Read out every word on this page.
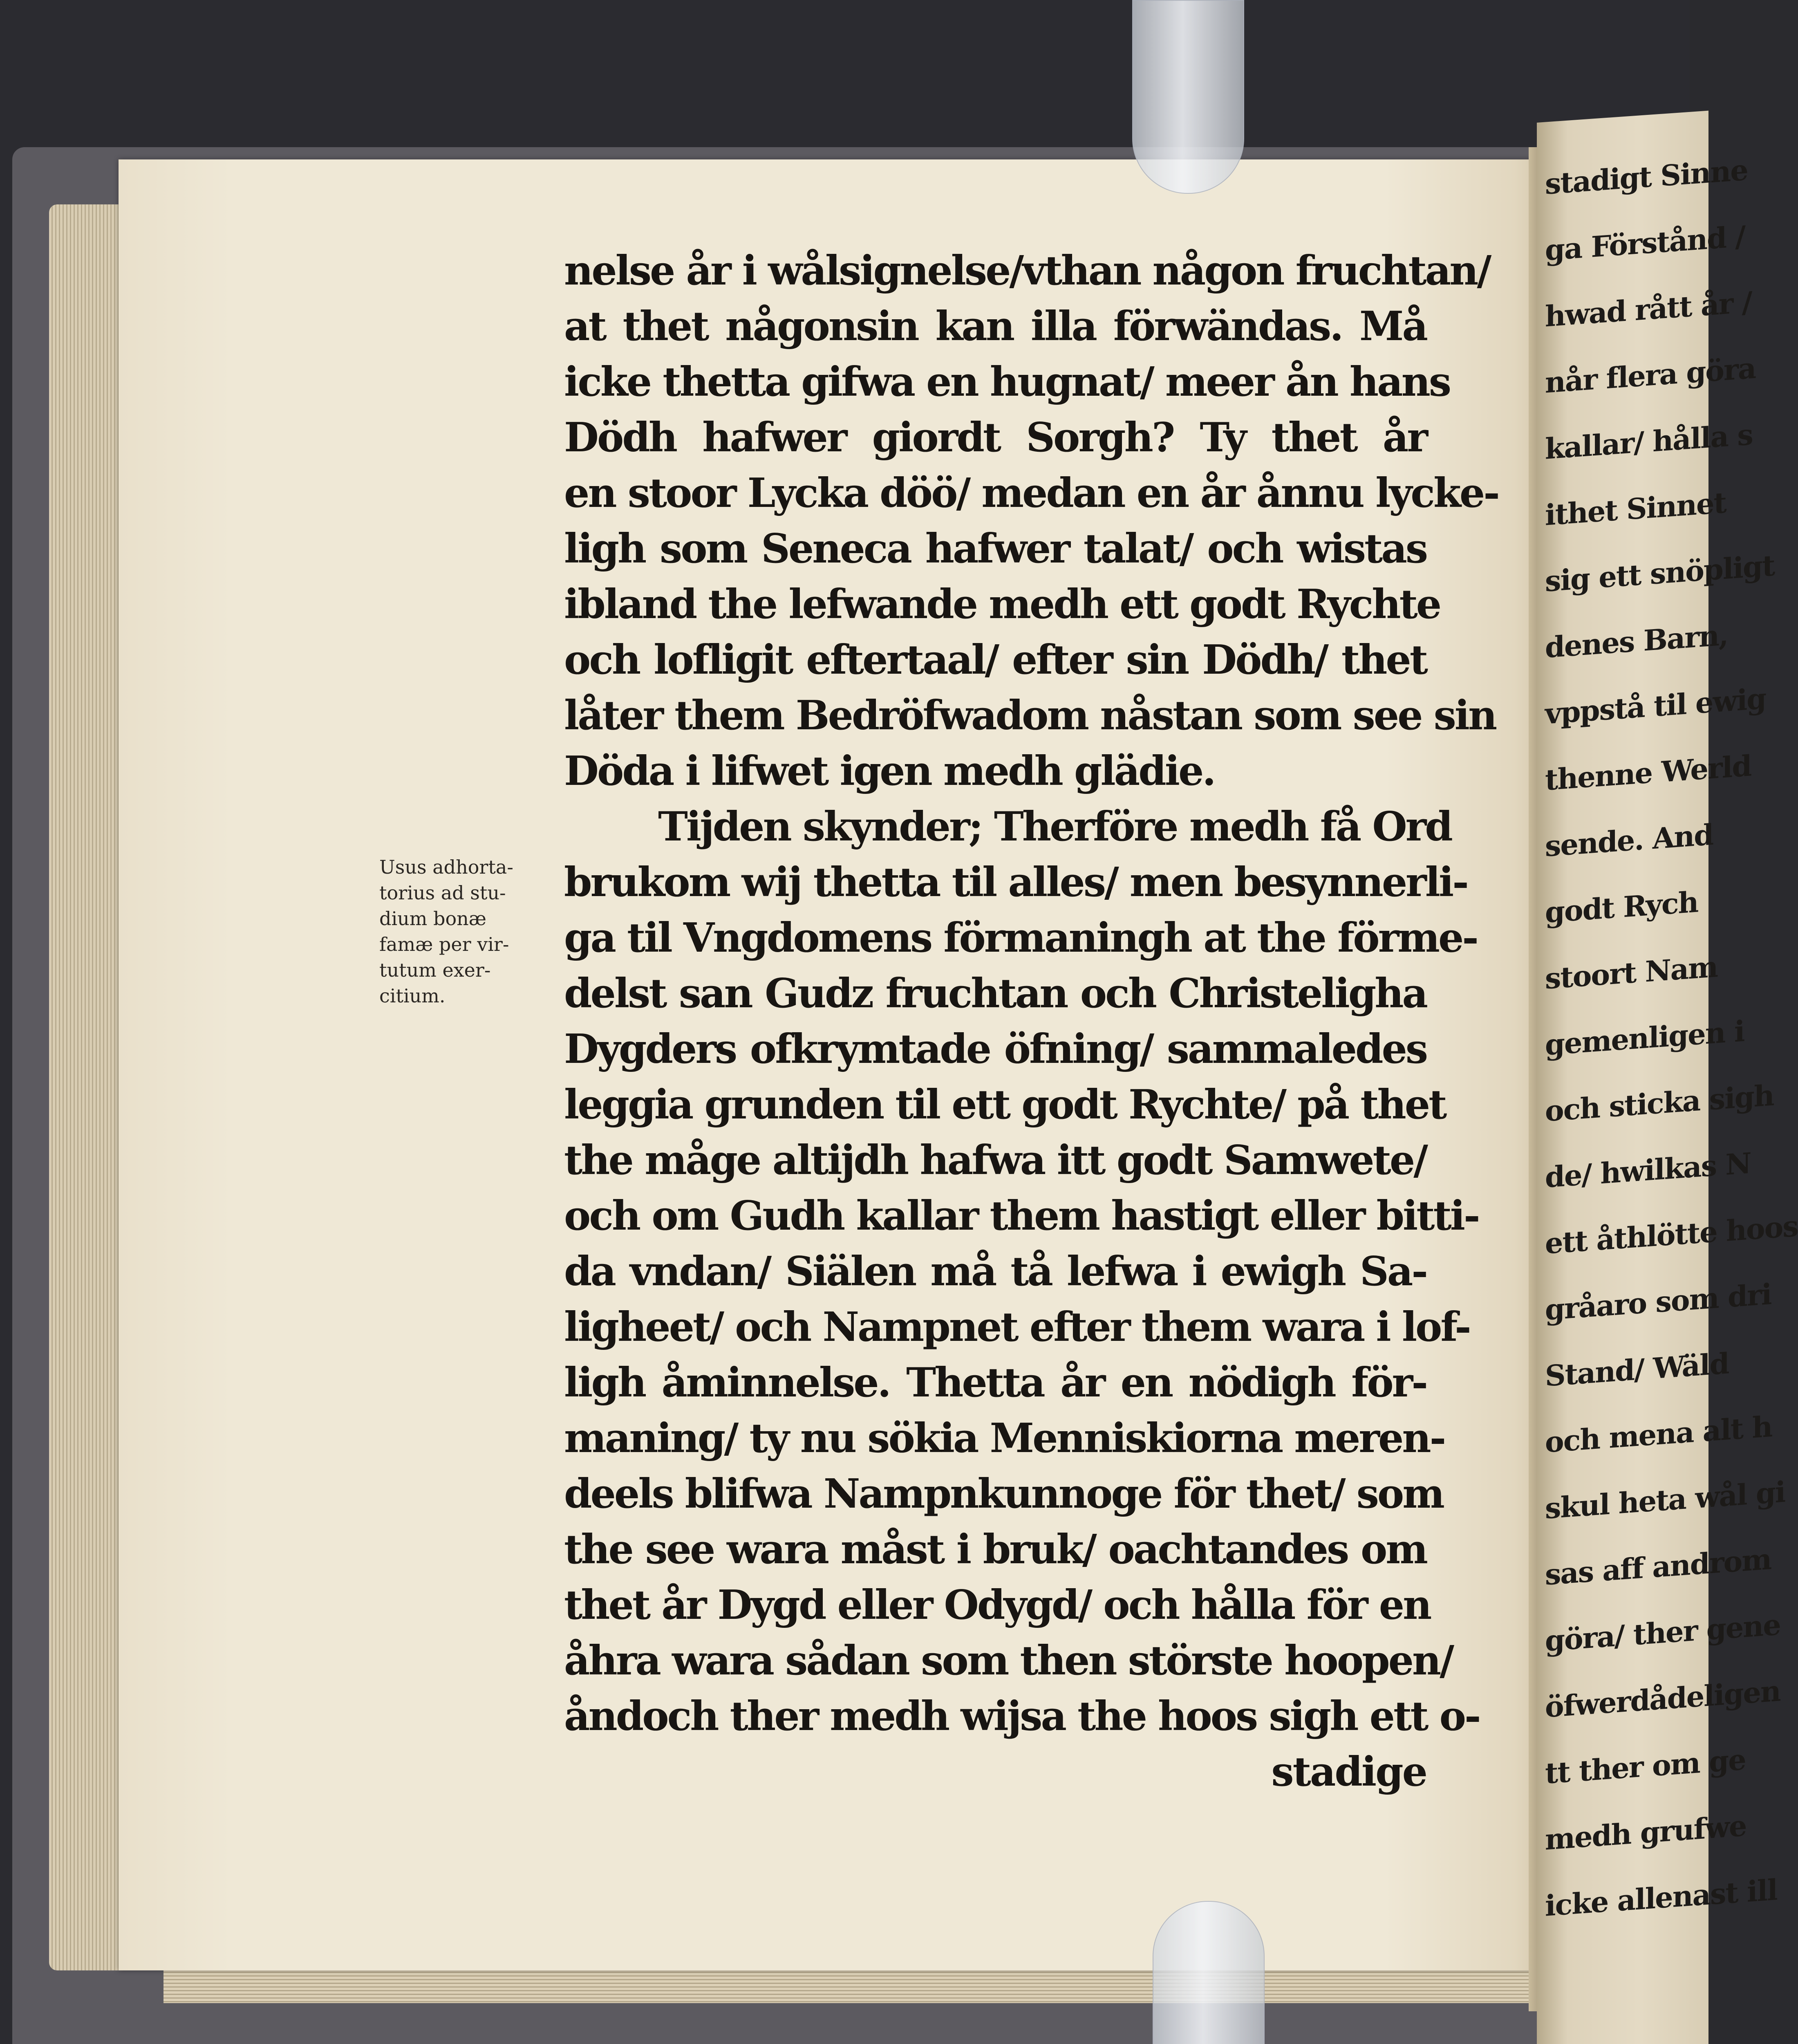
stadigt Sinne
ga Förstånd /
hwad rått år /
når flera göra
kallar/ hålla s
ithet Sinnet
sig ett snöpligt
denes Barn,
vppstå til ewig
thenne Werld
sende. And
godt Rych
stoort Nam
gemenligen i
och sticka sigh
de/ hwilkas N
ett åthlötte hoos
gråaro som dri
Stand/ Wäld
och mena alt h
skul heta wål gi
sas aff androm
göra/ ther gene
öfwerdådeligen
tt ther om ge
medh grufwe
icke allenast ill
Usus adhorta-
torius ad stu-
dium bonæ
famæ per vir-
tutum exer-
citium.
nelse år i wålsignelse/vthan någon fruchtan/
at thet någonsin kan illa förwändas. Må
icke thetta gifwa en hugnat/ meer ån hans
Dödh hafwer giordt Sorgh? Ty thet år
en stoor Lycka döö/ medan en år ånnu lycke-
ligh som Seneca hafwer talat/ och wistas
ibland the lefwande medh ett godt Rychte
och lofligit eftertaal/ efter sin Dödh/ thet
låter them Bedröfwadom nåstan som see sin
Döda i lifwet igen medh glädie.
Tijden skynder; Therföre medh få Ord
brukom wij thetta til alles/ men besynnerli-
ga til Vngdomens förmaningh at the förme-
delst san Gudz fruchtan och Christeligha
Dygders ofkrymtade öfning/ sammaledes
leggia grunden til ett godt Rychte/ på thet
the måge altijdh hafwa itt godt Samwete/
och om Gudh kallar them hastigt eller bitti-
da vndan/ Siälen må tå lefwa i ewigh Sa-
ligheet/ och Nampnet efter them wara i lof-
ligh åminnelse. Thetta år en nödigh för-
maning/ ty nu sökia Menniskiorna meren-
deels blifwa Nampnkunnoge för thet/ som
the see wara måst i bruk/ oachtandes om
thet år Dygd eller Odygd/ och hålla för en
åhra wara sådan som then störste hoopen/
åndoch ther medh wijsa the hoos sigh ett o-
stadige
